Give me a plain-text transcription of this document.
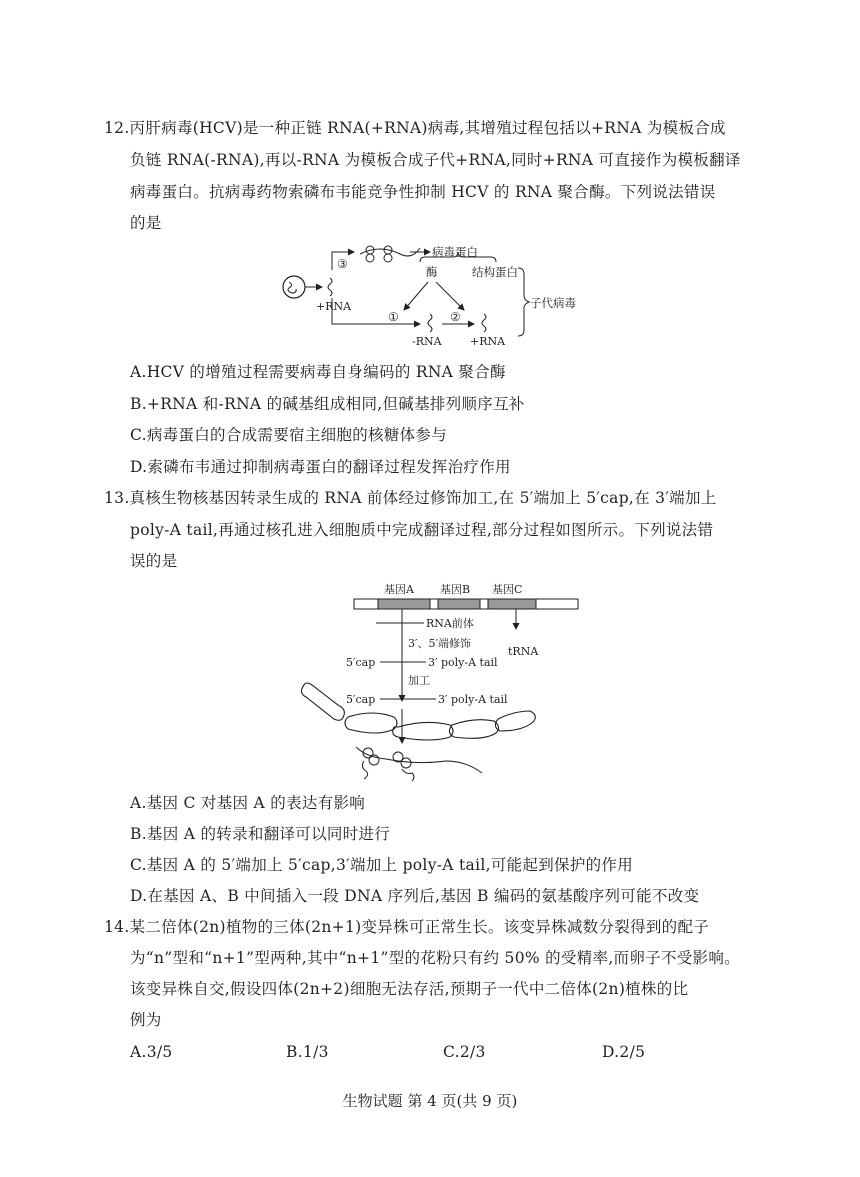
12.丙肝病毒(HCV)是一种正链 RNA(+RNA)病毒,其增殖过程包括以+RNA 为模板合成
负链 RNA(-RNA),再以-RNA 为模板合成子代+RNA,同时+RNA 可直接作为模板翻译
病毒蛋白。抗病毒药物索磷布韦能竞争性抑制 HCV 的 RNA 聚合酶。下列说法错误
的是
+RNA
③
病毒蛋白
酶	结构蛋白
①	②
-RNA	+RNA
子代病毒
A.HCV 的增殖过程需要病毒自身编码的 RNA 聚合酶
B.+RNA 和-RNA 的碱基组成相同,但碱基排列顺序互补
C.病毒蛋白的合成需要宿主细胞的核糖体参与
D.索磷布韦通过抑制病毒蛋白的翻译过程发挥治疗作用
13.真核生物核基因转录生成的 RNA 前体经过修饰加工,在 5′端加上 5′cap,在 3′端加上
poly-A tail,再通过核孔进入细胞质中完成翻译过程,部分过程如图所示。下列说法错
误的是
基因A 基因B 基因C
tRNA
RNA前体
3′、5′端修饰
5′cap	3′ poly-A tail
加工
5′cap	3′ poly-A tail
A.基因 C 对基因 A 的表达有影响
B.基因 A 的转录和翻译可以同时进行
C.基因 A 的 5′端加上 5′cap,3′端加上 poly-A tail,可能起到保护的作用
D.在基因 A、B 中间插入一段 DNA 序列后,基因 B 编码的氨基酸序列可能不改变
14.某二倍体(2n)植物的三体(2n+1)变异株可正常生长。该变异株减数分裂得到的配子
为“n”型和“n+1”型两种,其中“n+1”型的花粉只有约 50% 的受精率,而卵子不受影响。
该变异株自交,假设四体(2n+2)细胞无法存活,预期子一代中二倍体(2n)植株的比
例为
A.3/5	B.1/3	C.2/3	D.2/5
生物试题 第 4 页(共 9 页)
